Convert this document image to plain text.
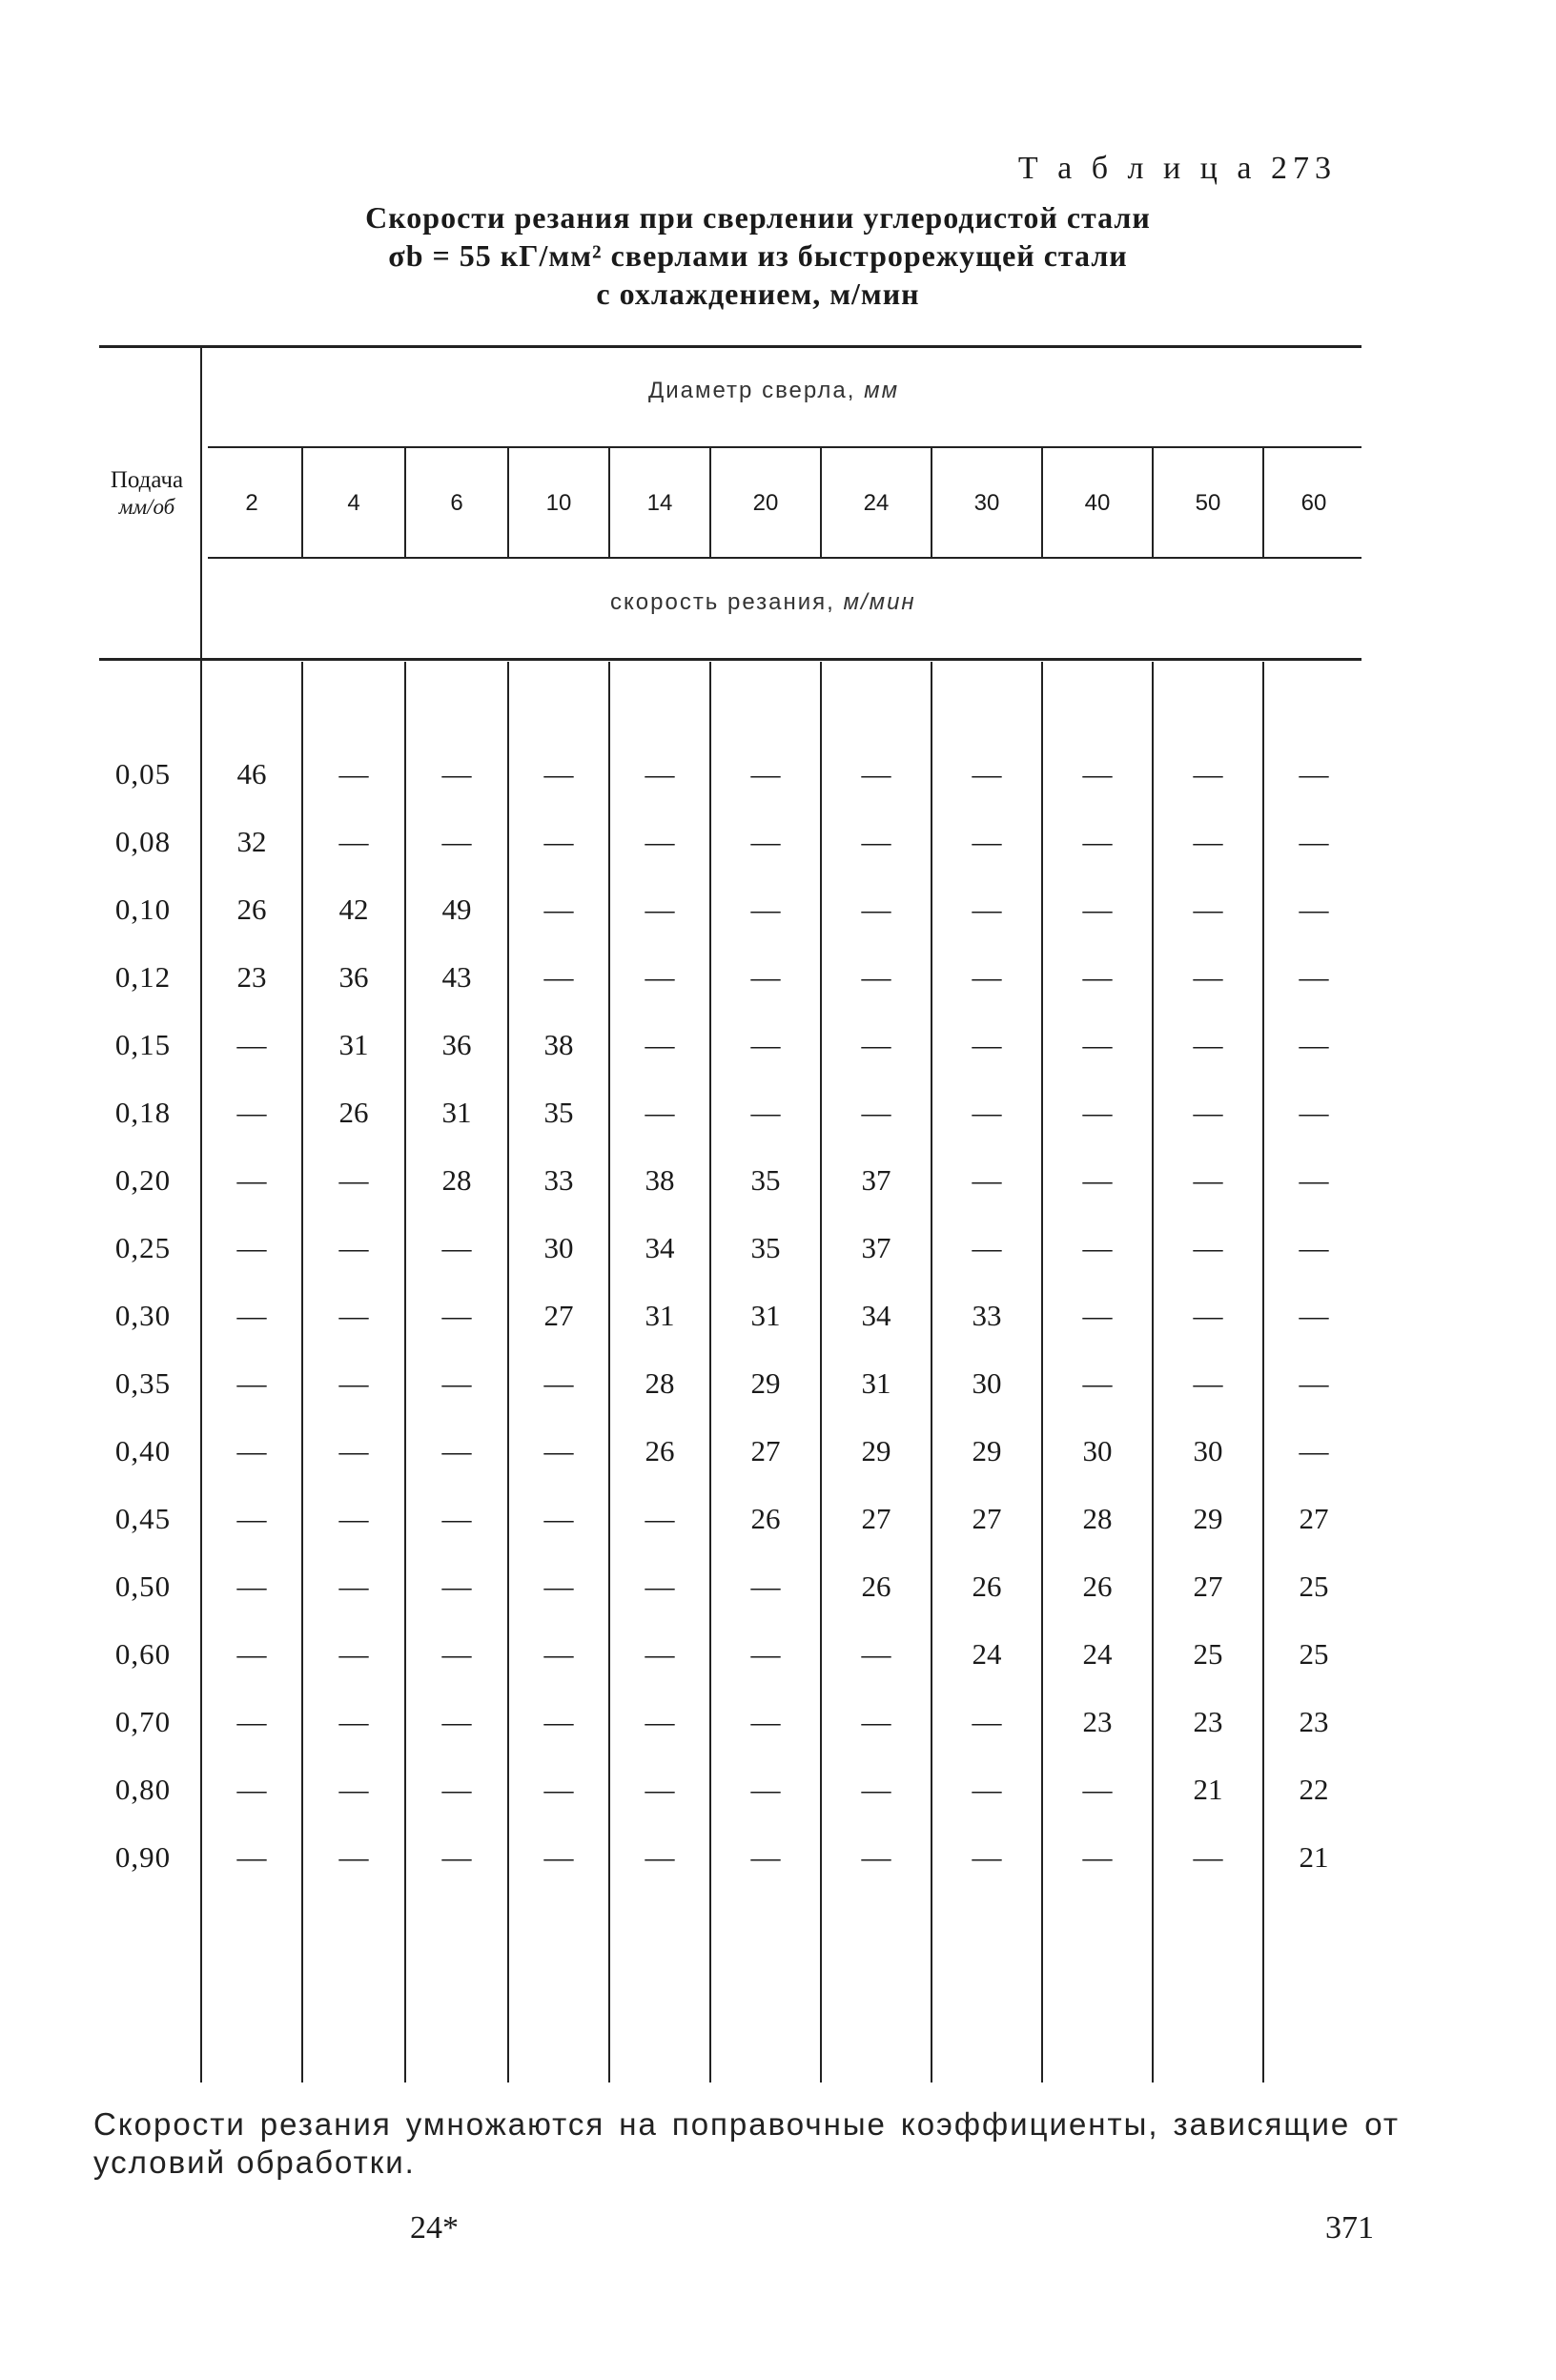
Т а б л и ц а 273
Скорости резания при сверлении углеродистой стали
σb = 55 кГ/мм² сверлами из быстрорежущей стали
с охлаждением, м/мин
Подача
мм/об
Диаметр сверла, мм
скорость резания, м/мин
2	4	6	10	14	20	24	30	40	50	60
0,05	46	—	—	—	—	—	—	—	—	—	—
0,08	32	—	—	—	—	—	—	—	—	—	—
0,10	26	42	49	—	—	—	—	—	—	—	—
0,12	23	36	43	—	—	—	—	—	—	—	—
0,15	—	31	36	38	—	—	—	—	—	—	—
0,18	—	26	31	35	—	—	—	—	—	—	—
0,20	—	—	28	33	38	35	37	—	—	—	—
0,25	—	—	—	30	34	35	37	—	—	—	—
0,30	—	—	—	27	31	31	34	33	—	—	—
0,35	—	—	—	—	28	29	31	30	—	—	—
0,40	—	—	—	—	26	27	29	29	30	30	—
0,45	—	—	—	—	—	26	27	27	28	29	27
0,50	—	—	—	—	—	—	26	26	26	27	25
0,60	—	—	—	—	—	—	—	24	24	25	25
0,70	—	—	—	—	—	—	—	—	23	23	23
0,80	—	—	—	—	—	—	—	—	—	21	22
0,90	—	—	—	—	—	—	—	—	—	—	21
Скорости резания умножаются на поправочные коэффициенты, зависящие от условий обработки.
24*	371
